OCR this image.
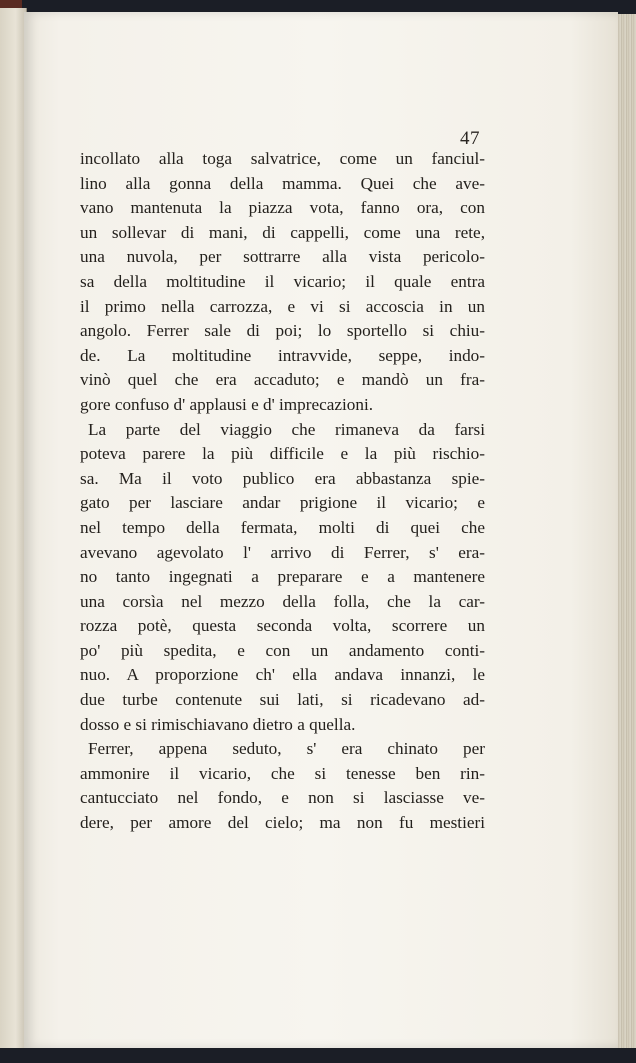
47
incollato alla toga salvatrice, come un fanciul-
lino alla gonna della mamma. Quei che ave-
vano mantenuta la piazza vota, fanno ora, con
un sollevar di mani, di cappelli, come una rete,
una nuvola, per sottrarre alla vista pericolo-
sa della moltitudine il vicario; il quale entra
il primo nella carrozza, e vi si accoscia in un
angolo. Ferrer sale di poi; lo sportello si chiu-
de. La moltitudine intravvide, seppe, indo-
vinò quel che era accaduto; e mandò un fra-
gore confuso d' applausi e d' imprecazioni.
La parte del viaggio che rimaneva da farsi
poteva parere la più difficile e la più rischio-
sa. Ma il voto publico era abbastanza spie-
gato per lasciare andar prigione il vicario; e
nel tempo della fermata, molti di quei che
avevano agevolato l' arrivo di Ferrer, s' era-
no tanto ingegnati a preparare e a mantenere
una corsìa nel mezzo della folla, che la car-
rozza potè, questa seconda volta, scorrere un
po' più spedita, e con un andamento conti-
nuo. A proporzione ch' ella andava innanzi, le
due turbe contenute sui lati, si ricadevano ad-
dosso e si rimischiavano dietro a quella.
Ferrer, appena seduto, s' era chinato per
ammonire il vicario, che si tenesse ben rin-
cantucciato nel fondo, e non si lasciasse ve-
dere, per amore del cielo; ma non fu mestieri
